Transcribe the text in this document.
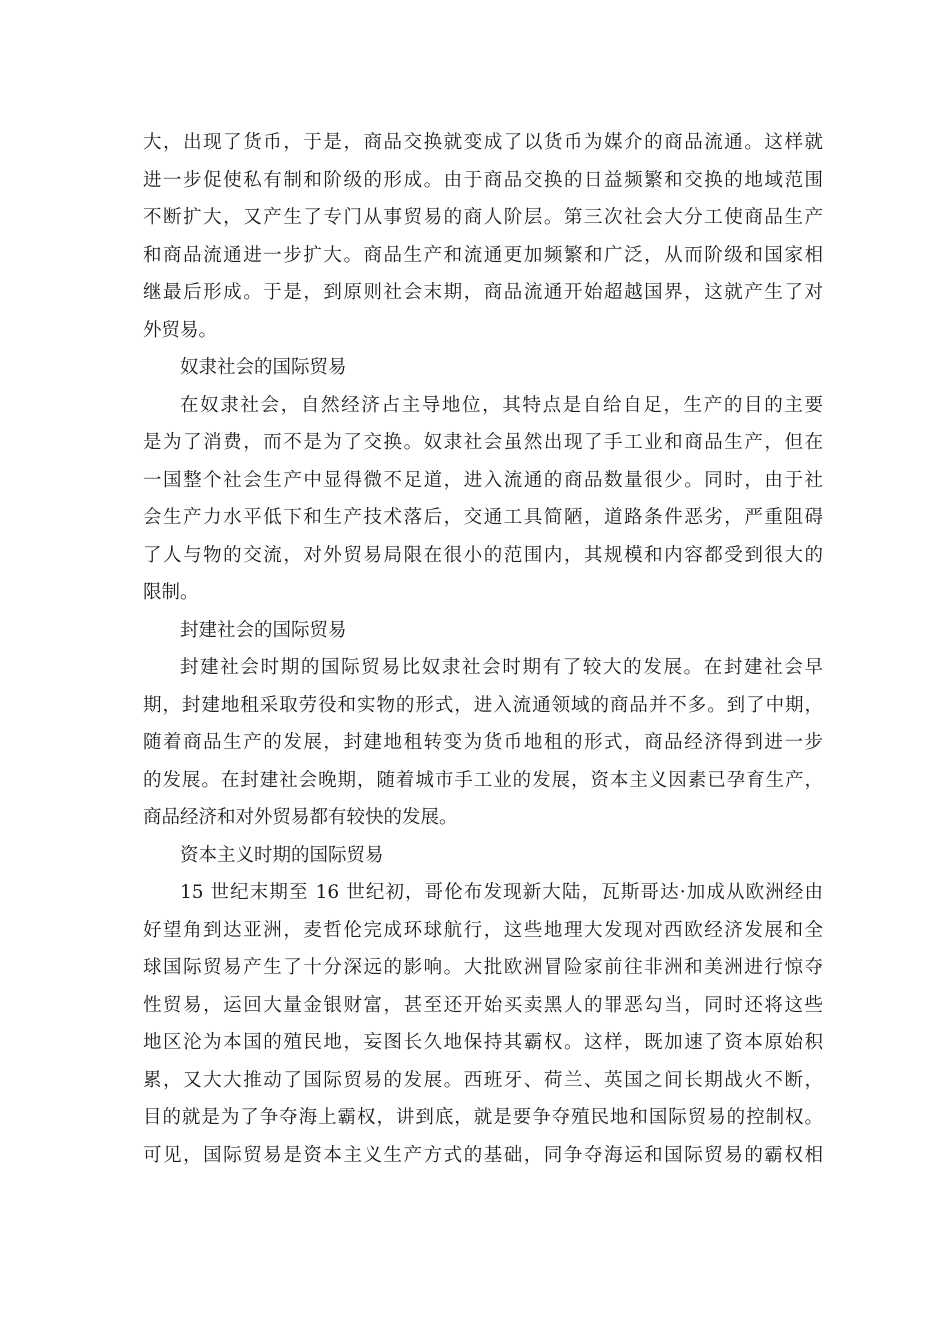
大，出现了货币，于是，商品交换就变成了以货币为媒介的商品流通。这样就
进一步促使私有制和阶级的形成。由于商品交换的日益频繁和交换的地域范围
不断扩大，又产生了专门从事贸易的商人阶层。第三次社会大分工使商品生产
和商品流通进一步扩大。商品生产和流通更加频繁和广泛，从而阶级和国家相
继最后形成。于是，到原则社会末期，商品流通开始超越国界，这就产生了对
外贸易。
奴隶社会的国际贸易
在奴隶社会，自然经济占主导地位，其特点是自给自足，生产的目的主要
是为了消费，而不是为了交换。奴隶社会虽然出现了手工业和商品生产，但在
一国整个社会生产中显得微不足道，进入流通的商品数量很少。同时，由于社
会生产力水平低下和生产技术落后，交通工具简陋，道路条件恶劣，严重阻碍
了人与物的交流，对外贸易局限在很小的范围内，其规模和内容都受到很大的
限制。
封建社会的国际贸易
封建社会时期的国际贸易比奴隶社会时期有了较大的发展。在封建社会早
期，封建地租采取劳役和实物的形式，进入流通领域的商品并不多。到了中期，
随着商品生产的发展，封建地租转变为货币地租的形式，商品经济得到进一步
的发展。在封建社会晚期，随着城市手工业的发展，资本主义因素已孕育生产，
商品经济和对外贸易都有较快的发展。
资本主义时期的国际贸易
15 世纪末期至 16 世纪初，哥伦布发现新大陆，瓦斯哥达·加成从欧洲经由
好望角到达亚洲，麦哲伦完成环球航行，这些地理大发现对西欧经济发展和全
球国际贸易产生了十分深远的影响。大批欧洲冒险家前往非洲和美洲进行惊夺
性贸易，运回大量金银财富，甚至还开始买卖黑人的罪恶勾当，同时还将这些
地区沦为本国的殖民地，妄图长久地保持其霸权。这样，既加速了资本原始积
累，又大大推动了国际贸易的发展。西班牙、荷兰、英国之间长期战火不断，
目的就是为了争夺海上霸权，讲到底，就是要争夺殖民地和国际贸易的控制权。
可见，国际贸易是资本主义生产方式的基础，同争夺海运和国际贸易的霸权相
